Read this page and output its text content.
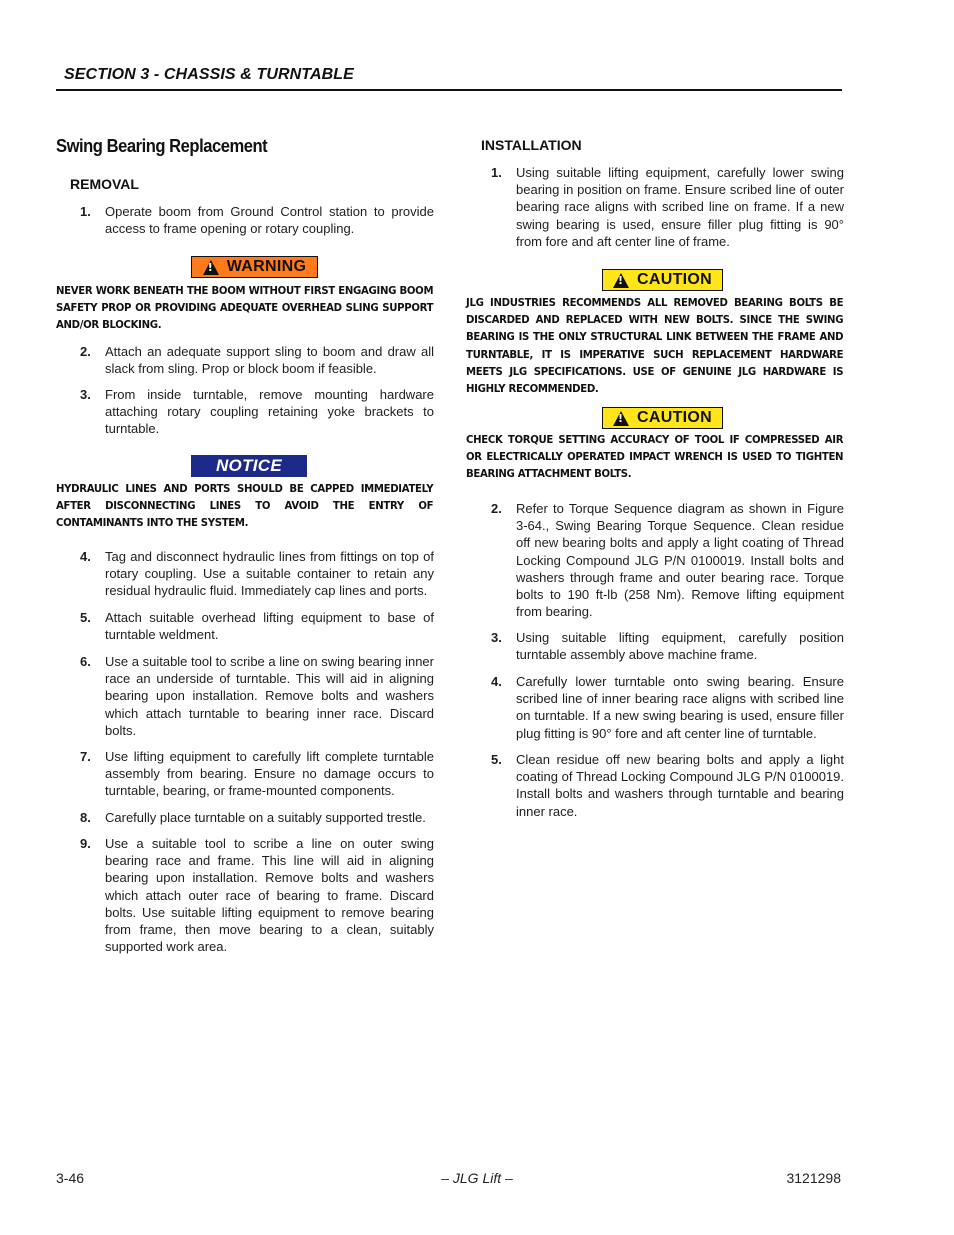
SECTION 3 - CHASSIS & TURNTABLE
Swing Bearing Replacement
REMOVAL
1.	Operate boom from Ground Control station to provide access to frame opening or rotary coupling.
!
WARNING
NEVER WORK BENEATH THE BOOM WITHOUT FIRST ENGAGING BOOM SAFETY PROP OR PROVIDING ADEQUATE OVERHEAD SLING SUPPORT AND/OR BLOCKING.
2.	Attach an adequate support sling to boom and draw all slack from sling. Prop or block boom if feasible.
3.	From inside turntable, remove mounting hardware attaching rotary coupling retaining yoke brackets to turntable.
NOTICE
HYDRAULIC LINES AND PORTS SHOULD BE CAPPED IMMEDIATELY AFTER DISCONNECTING LINES TO AVOID THE ENTRY OF CONTAMINANTS INTO THE SYSTEM.
4.	Tag and disconnect hydraulic lines from fittings on top of rotary coupling. Use a suitable container to retain any residual hydraulic fluid. Immediately cap lines and ports.
5.	Attach suitable overhead lifting equipment to base of turntable weldment.
6.	Use a suitable tool to scribe a line on swing bearing inner race an underside of turntable. This will aid in aligning bearing upon installation. Remove bolts and washers which attach turntable to bearing inner race. Discard bolts.
7.	Use lifting equipment to carefully lift complete turntable assembly from bearing. Ensure no damage occurs to turntable, bearing, or frame-mounted components.
8.	Carefully place turntable on a suitably supported trestle.
9.	Use a suitable tool to scribe a line on outer swing bearing race and frame. This line will aid in aligning bearing upon installation. Remove bolts and washers which attach outer race of bearing to frame. Discard bolts. Use suitable lifting equipment to remove bearing from frame, then move bearing to a clean, suitably supported work area.
INSTALLATION
1.	Using suitable lifting equipment, carefully lower swing bearing in position on frame. Ensure scribed line of outer bearing race aligns with scribed line on frame. If a new swing bearing is used, ensure filler plug fitting is 90° from fore and aft center line of frame.
!
CAUTION
JLG INDUSTRIES RECOMMENDS ALL REMOVED BEARING BOLTS BE DISCARDED AND REPLACED WITH NEW BOLTS. SINCE THE SWING BEARING IS THE ONLY STRUCTURAL LINK BETWEEN THE FRAME AND TURNTABLE, IT IS IMPERATIVE SUCH REPLACEMENT HARDWARE MEETS JLG SPECIFICATIONS. USE OF GENUINE JLG HARDWARE IS HIGHLY RECOMMENDED.
!
CAUTION
CHECK TORQUE SETTING ACCURACY OF TOOL IF COMPRESSED AIR OR ELECTRICALLY OPERATED IMPACT WRENCH IS USED TO TIGHTEN BEARING ATTACHMENT BOLTS.
2.	Refer to Torque Sequence diagram as shown in Figure 3-64., Swing Bearing Torque Sequence. Clean residue off new bearing bolts and apply a light coating of Thread Locking Compound JLG P/N 0100019. Install bolts and washers through frame and outer bearing race. Torque bolts to 190 ft-lb (258 Nm). Remove lifting equipment from bearing.
3.	Using suitable lifting equipment, carefully position turntable assembly above machine frame.
4.	Carefully lower turntable onto swing bearing. Ensure scribed line of inner bearing race aligns with scribed line on turntable. If a new swing bearing is used, ensure filler plug fitting is 90° fore and aft center line of turntable.
5.	Clean residue off new bearing bolts and apply a light coating of Thread Locking Compound JLG P/N 0100019. Install bolts and washers through turntable and bearing inner race.
3-46	– JLG Lift –	3121298
